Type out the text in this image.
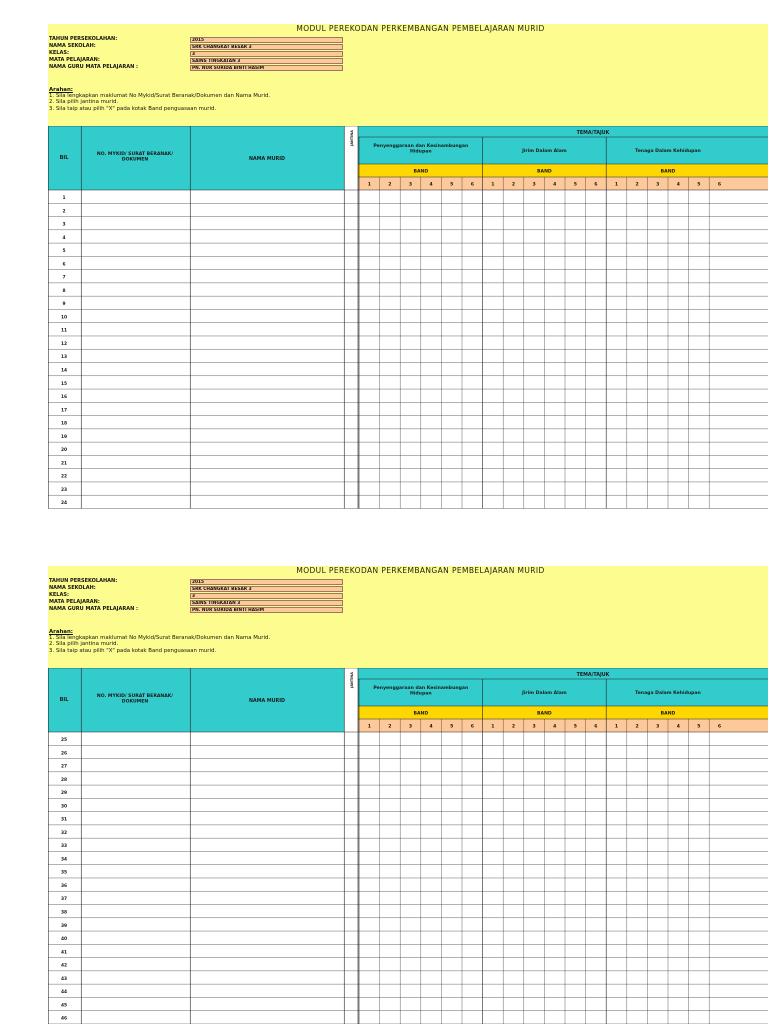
MODUL PEREKODAN PERKEMBANGAN PEMBELAJARAN MURID
TAHUN PERSEKOLAHAN:	2015
NAMA SEKOLAH:	SRK CHANGKAT BESAR 3
KELAS:	3
MATA PELAJARAN:	SAINS TINGKATAN 3
NAMA GURU MATA PELAJARAN :	PN. NUR SURIDA BINTI HASIM
Arahan:
1. Sila lengkapkan maklumat No Mykid/Surat Beranak/Dokumen dan Nama Murid.
2. Sila pilih jantina murid.
3. Sila taip atau pilih "X" pada kotak Band penguasaan murid.
BIL
NO. MYKID/ SURAT BERANAK/ DOKUMEN	NAMA MURID
JANTINA	TEMA/TAJUK
Penyenggaraan dan Kesinambungan Hidupan
BAND
1	2	3	4	5	6
Jirim Dalam Alam
BAND
1	2	3	4	5	6
Tenaga Dalam Kehidupan
BAND
1	2	3	4	5	6
1
2
3
4
5
6
7
8
9
10
11
12
13
14
15
16
17
18
19
20
21
22
23
24
MODUL PEREKODAN PERKEMBANGAN PEMBELAJARAN MURID
TAHUN PERSEKOLAHAN:	2015
NAMA SEKOLAH:	SRK CHANGKAT BESAR 3
KELAS:	3
MATA PELAJARAN:	SAINS TINGKATAN 3
NAMA GURU MATA PELAJARAN :	PN. NUR SURIDA BINTI HASIM
Arahan:
1. Sila lengkapkan maklumat No Mykid/Surat Beranak/Dokumen dan Nama Murid.
2. Sila pilih jantina murid.
3. Sila taip atau pilih "X" pada kotak Band penguasaan murid.
BIL
NO. MYKID/ SURAT BERANAK/ DOKUMEN	NAMA MURID
JANTINA	TEMA/TAJUK
Penyenggaraan dan Kesinambungan Hidupan
BAND
1	2	3	4	5	6
Jirim Dalam Alam
BAND
1	2	3	4	5	6
Tenaga Dalam Kehidupan
BAND
1	2	3	4	5	6
25
26
27
28
29
30
31
32
33
34
35
36
37
38
39
40
41
42
43
44
45
46
